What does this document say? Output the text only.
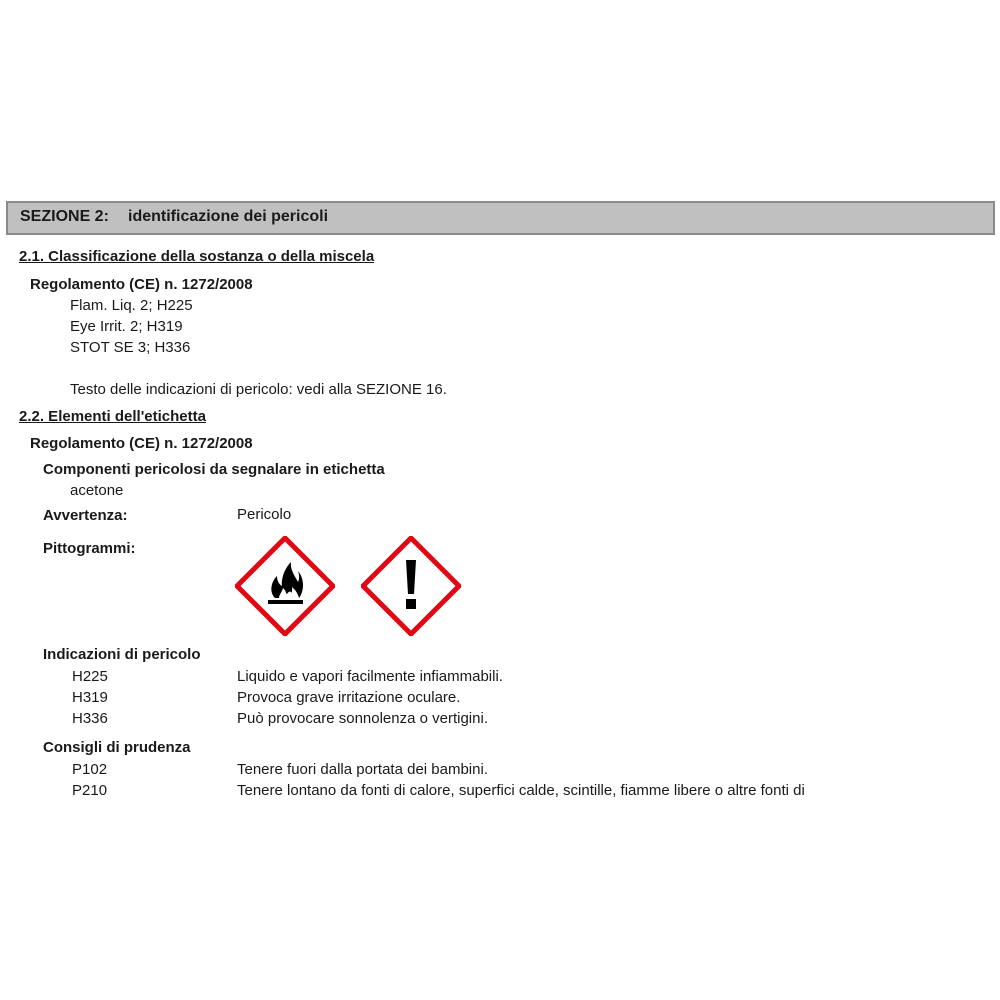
SEZIONE 2: identificazione dei pericoli
2.1. Classificazione della sostanza o della miscela
Regolamento (CE) n. 1272/2008
Flam. Liq. 2; H225
Eye Irrit. 2; H319
STOT SE 3; H336
Testo delle indicazioni di pericolo: vedi alla SEZIONE 16.
2.2. Elementi dell'etichetta
Regolamento (CE) n. 1272/2008
Componenti pericolosi da segnalare in etichetta
acetone
Avvertenza:	Pericolo
Pittogrammi:
Indicazioni di pericolo
H225	Liquido e vapori facilmente infiammabili.
H319	Provoca grave irritazione oculare.
H336	Può provocare sonnolenza o vertigini.
Consigli di prudenza
P102	Tenere fuori dalla portata dei bambini.
P210	Tenere lontano da fonti di calore, superfici calde, scintille, fiamme libere o altre fonti di
